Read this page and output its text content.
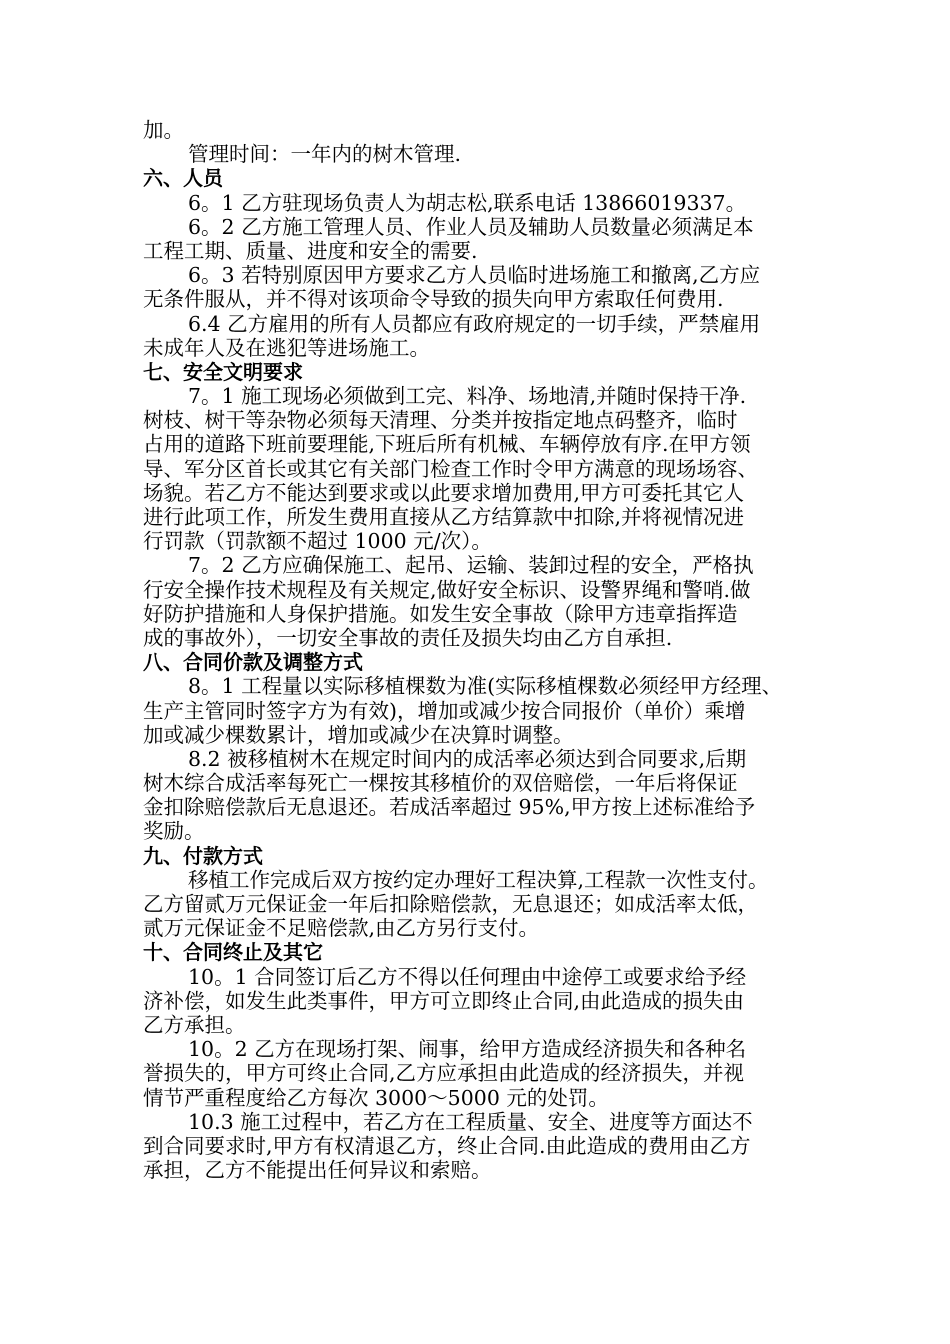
加。
管理时间：一年内的树木管理.
六、人员
6。1 乙方驻现场负责人为胡志松,联系电话 13866019337。
6。2 乙方施工管理人员、作业人员及辅助人员数量必须满足本
工程工期、质量、进度和安全的需要.
6。3 若特别原因甲方要求乙方人员临时进场施工和撤离,乙方应
无条件服从，并不得对该项命令导致的损失向甲方索取任何费用.
6.4 乙方雇用的所有人员都应有政府规定的一切手续，严禁雇用
未成年人及在逃犯等进场施工。
七、安全文明要求
7。1 施工现场必须做到工完、料净、场地清,并随时保持干净.
树枝、树干等杂物必须每天清理、分类并按指定地点码整齐，临时
占用的道路下班前要理能,下班后所有机械、车辆停放有序.在甲方领
导、军分区首长或其它有关部门检查工作时令甲方满意的现场场容、
场貌。若乙方不能达到要求或以此要求增加费用,甲方可委托其它人
进行此项工作，所发生费用直接从乙方结算款中扣除,并将视情况进
行罚款（罚款额不超过 1000 元/次）。
7。2 乙方应确保施工、起吊、运输、装卸过程的安全，严格执
行安全操作技术规程及有关规定,做好安全标识、设警界绳和警哨.做
好防护措施和人身保护措施。如发生安全事故（除甲方违章指挥造
成的事故外），一切安全事故的责任及损失均由乙方自承担.
八、合同价款及调整方式
8。1 工程量以实际移植棵数为准(实际移植棵数必须经甲方经理、
生产主管同时签字方为有效)，增加或减少按合同报价（单价）乘增
加或减少棵数累计，增加或减少在决算时调整。
8.2 被移植树木在规定时间内的成活率必须达到合同要求,后期
树木综合成活率每死亡一棵按其移植价的双倍赔偿，一年后将保证
金扣除赔偿款后无息退还。若成活率超过 95%,甲方按上述标准给予
奖励。
九、付款方式
移植工作完成后双方按约定办理好工程决算,工程款一次性支付。
乙方留贰万元保证金一年后扣除赔偿款，无息退还；如成活率太低，
贰万元保证金不足赔偿款,由乙方另行支付。
十、合同终止及其它
10。1 合同签订后乙方不得以任何理由中途停工或要求给予经
济补偿，如发生此类事件，甲方可立即终止合同,由此造成的损失由
乙方承担。
10。2 乙方在现场打架、闹事，给甲方造成经济损失和各种名
誉损失的，甲方可终止合同,乙方应承担由此造成的经济损失，并视
情节严重程度给乙方每次 3000～5000 元的处罚。
10.3 施工过程中，若乙方在工程质量、安全、进度等方面达不
到合同要求时,甲方有权清退乙方，终止合同.由此造成的费用由乙方
承担，乙方不能提出任何异议和索赔。
